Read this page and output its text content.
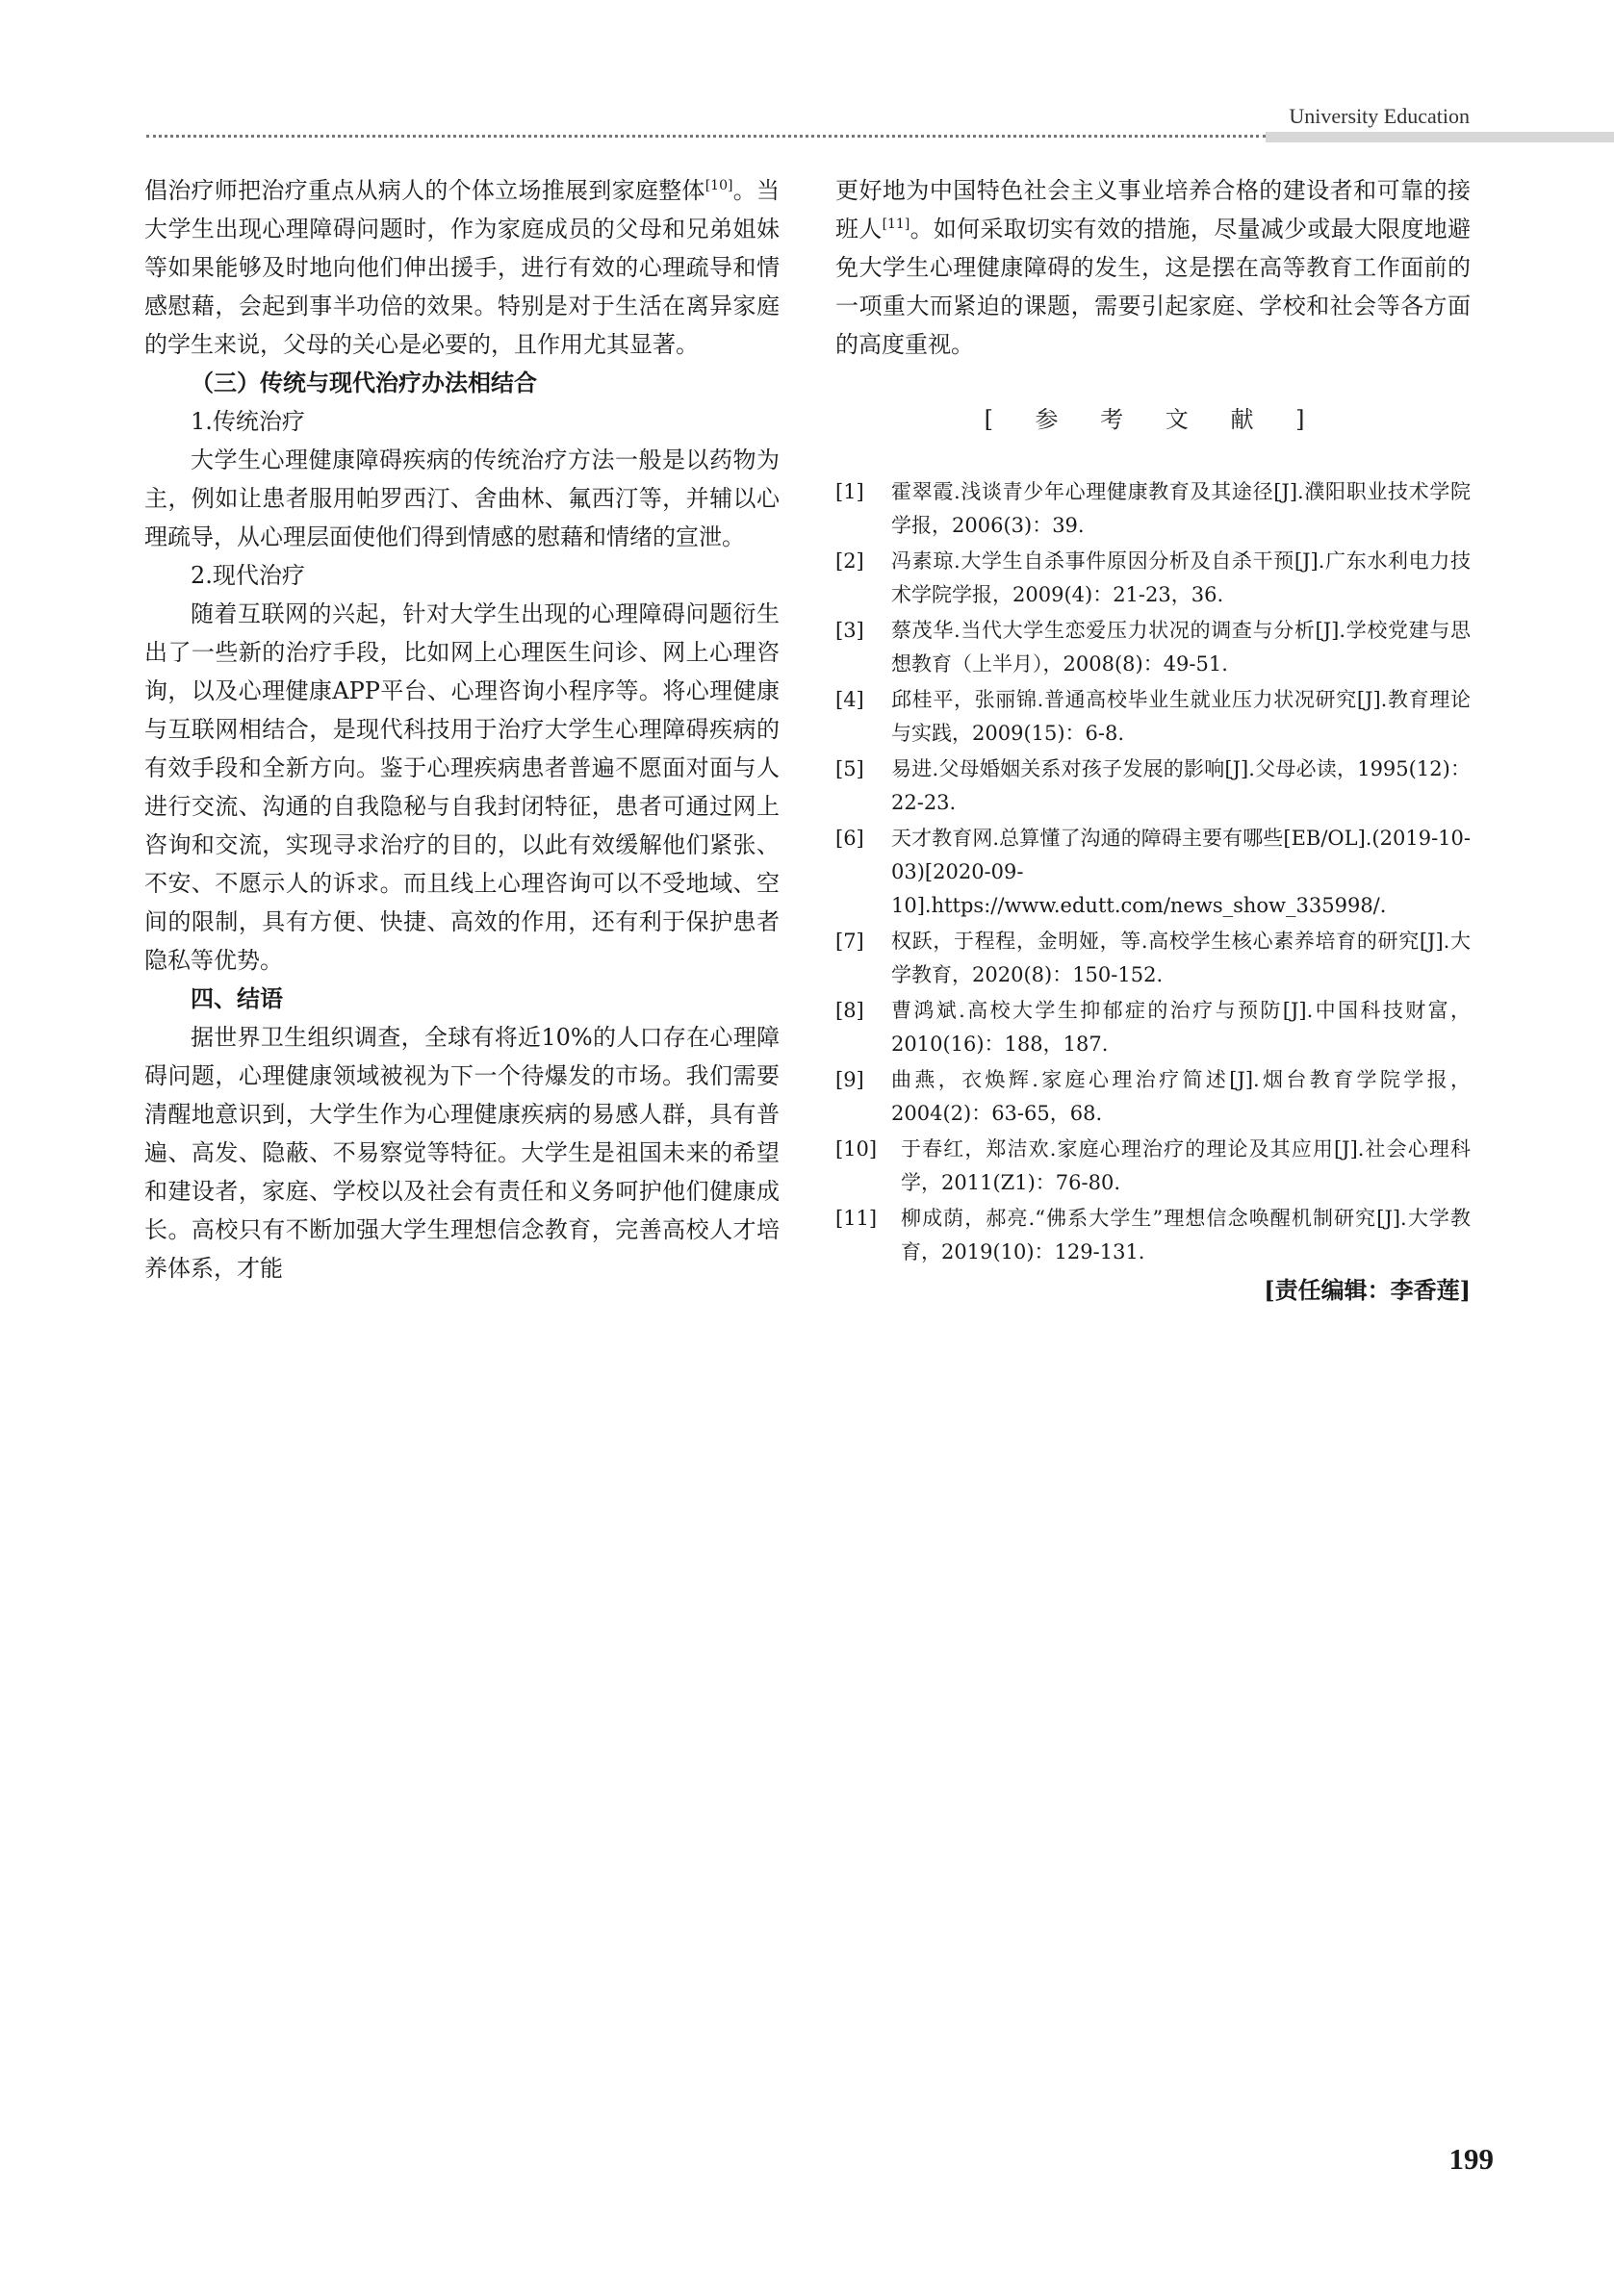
University Education

倡治疗师把治疗重点从病人的个体立场推展到家庭整体[10]。当大学生出现心理障碍问题时，作为家庭成员的父母和兄弟姐妹等如果能够及时地向他们伸出援手，进行有效的心理疏导和情感慰藉，会起到事半功倍的效果。特别是对于生活在离异家庭的学生来说，父母的关心是必要的，且作用尤其显著。

（三）传统与现代治疗办法相结合
1.传统治疗

大学生心理健康障碍疾病的传统治疗方法一般是以药物为主，例如让患者服用帕罗西汀、舍曲林、氟西汀等，并辅以心理疏导，从心理层面使他们得到情感的慰藉和情绪的宣泄。

2.现代治疗

随着互联网的兴起，针对大学生出现的心理障碍问题衍生出了一些新的治疗手段，比如网上心理医生问诊、网上心理咨询，以及心理健康APP平台、心理咨询小程序等。将心理健康与互联网相结合，是现代科技用于治疗大学生心理障碍疾病的有效手段和全新方向。鉴于心理疾病患者普遍不愿面对面与人进行交流、沟通的自我隐秘与自我封闭特征，患者可通过网上咨询和交流，实现寻求治疗的目的，以此有效缓解他们紧张、不安、不愿示人的诉求。而且线上心理咨询可以不受地域、空间的限制，具有方便、快捷、高效的作用，还有利于保护患者隐私等优势。

四、结语

据世界卫生组织调查，全球有将近10%的人口存在心理障碍问题，心理健康领域被视为下一个待爆发的市场。我们需要清醒地意识到，大学生作为心理健康疾病的易感人群，具有普遍、高发、隐蔽、不易察觉等特征。大学生是祖国未来的希望和建设者，家庭、学校以及社会有责任和义务呵护他们健康成长。高校只有不断加强大学生理想信念教育，完善高校人才培养体系，才能

更好地为中国特色社会主义事业培养合格的建设者和可靠的接班人[11]。如何采取切实有效的措施，尽量减少或最大限度地避免大学生心理健康障碍的发生，这是摆在高等教育工作面前的一项重大而紧迫的课题，需要引起家庭、学校和社会等各方面的高度重视。

[ 参 考 文 献 ]
[1]	霍翠霞.浅谈青少年心理健康教育及其途径[J].濮阳职业技术学院学报，2006(3)：39.
[2]	冯素琼.大学生自杀事件原因分析及自杀干预[J].广东水利电力技术学院学报，2009(4)：21-23，36.
[3]	蔡茂华.当代大学生恋爱压力状况的调查与分析[J].学校党建与思想教育（上半月），2008(8)：49-51.
[4]	邱桂平，张丽锦.普通高校毕业生就业压力状况研究[J].教育理论与实践，2009(15)：6-8.
[5]	易进.父母婚姻关系对孩子发展的影响[J].父母必读，1995(12)：22-23.
[6]	天才教育网.总算懂了沟通的障碍主要有哪些[EB/OL].(2019-10-03)[2020-09-10].https://www.edutt.com/news_show_335998/.
[7]	权跃，于程程，金明娅，等.高校学生核心素养培育的研究[J].大学教育，2020(8)：150-152.
[8]	曹鸿斌.高校大学生抑郁症的治疗与预防[J].中国科技财富，2010(16)：188，187.
[9]	曲燕，衣焕辉.家庭心理治疗简述[J].烟台教育学院学报，2004(2)：63-65，68.
[10]	于春红，郑洁欢.家庭心理治疗的理论及其应用[J].社会心理科学，2011(Z1)：76-80.
[11]	柳成荫，郝亮.“佛系大学生”理想信念唤醒机制研究[J].大学教育，2019(10)：129-131.
[责任编辑：李香莲]
199
